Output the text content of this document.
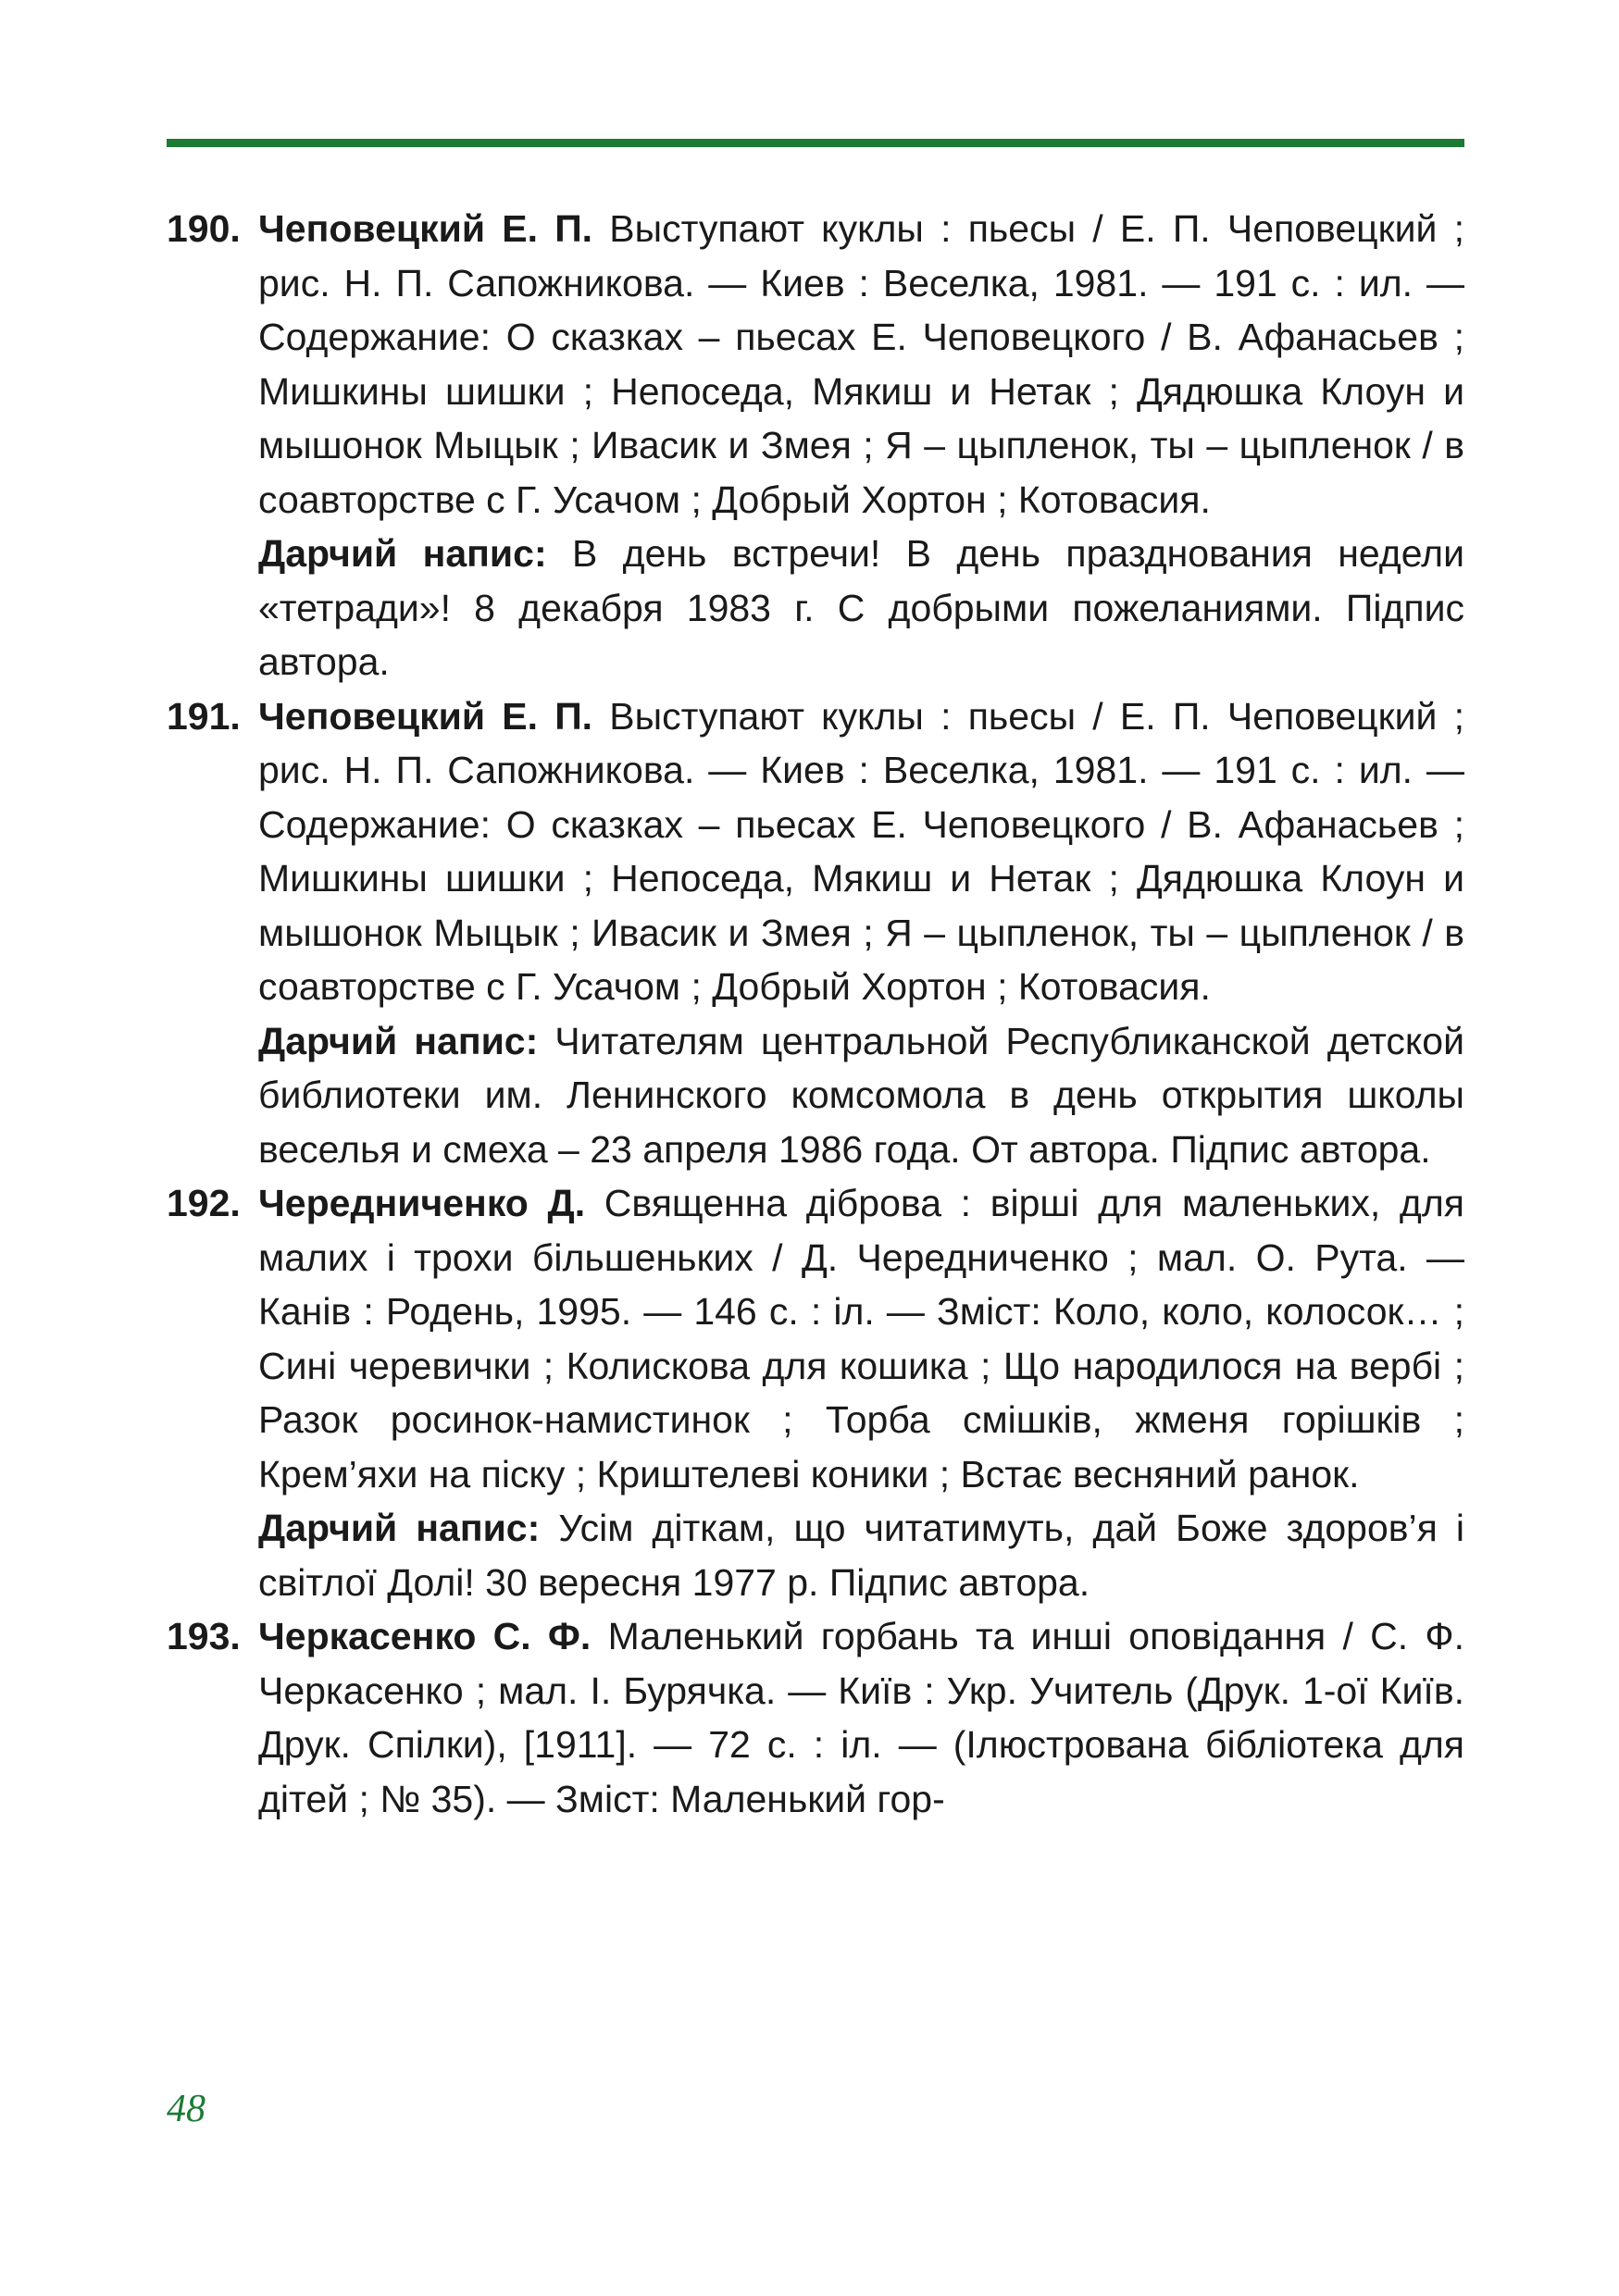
190. Чеповецкий Е. П. Выступают куклы : пьесы / Е. П. Чеповецкий ; рис. Н. П. Сапожникова. — Киев : Веселка, 1981. — 191 с. : ил. — Содержание: О сказках – пьесах Е. Чеповецкого / В. Афанасьев ; Мишкины шишки ; Непоседа, Мякиш и Нетак ; Дядюшка Клоун и мышонок Мыцык ; Ивасик и Змея ; Я – цыпленок, ты – цыпленок / в соавторстве с Г. Усачом ; Добрый Хортон ; Котовасия.

Дарчий напис: В день встречи! В день празднования недели «тетради»! 8 декабря 1983 г. С добрыми пожеланиями. Підпис автора.

191. Чеповецкий Е. П. Выступают куклы : пьесы / Е. П. Чеповецкий ; рис. Н. П. Сапожникова. — Киев : Веселка, 1981. — 191 с. : ил. — Содержание: О сказках – пьесах Е. Чеповецкого / В. Афанасьев ; Мишкины шишки ; Непоседа, Мякиш и Нетак ; Дядюшка Клоун и мышонок Мыцык ; Ивасик и Змея ; Я – цыпленок, ты – цыпленок / в соавторстве с Г. Усачом ; Добрый Хортон ; Котовасия.

Дарчий напис: Читателям центральной Республиканской детской библиотеки им. Ленинского комсомола в день открытия школы веселья и смеха – 23 апреля 1986 года. От автора. Підпис автора.

192. Чередниченко Д. Священна діброва : вірші для маленьких, для малих і трохи більшеньких / Д. Чередниченко ; мал. О. Рута. — Канів : Родень, 1995. — 146 с. : іл. — Зміст: Коло, коло, колосок… ; Сині черевички ; Колискова для кошика ; Що народилося на вербі ; Разок росинок-намистинок ; Торба смішків, жменя горішків ; Крем’яхи на піску ; Криштелеві коники ; Встає весняний ранок.

Дарчий напис: Усім діткам, що читатимуть, дай Боже здоров’я і світлої Долі! 30 вересня 1977 р. Підпис автора.

193. Черкасенко С. Ф. Маленький горбань та инші оповідання / С. Ф. Черкасенко ; мал. І. Бурячка. — Київ : Укр. Учитель (Друк. 1-ої Київ. Друк. Спілки), [1911]. — 72 с. : іл. — (Ілюстрована бібліотека для дітей ; № 35). — Зміст: Маленький гор-

48
